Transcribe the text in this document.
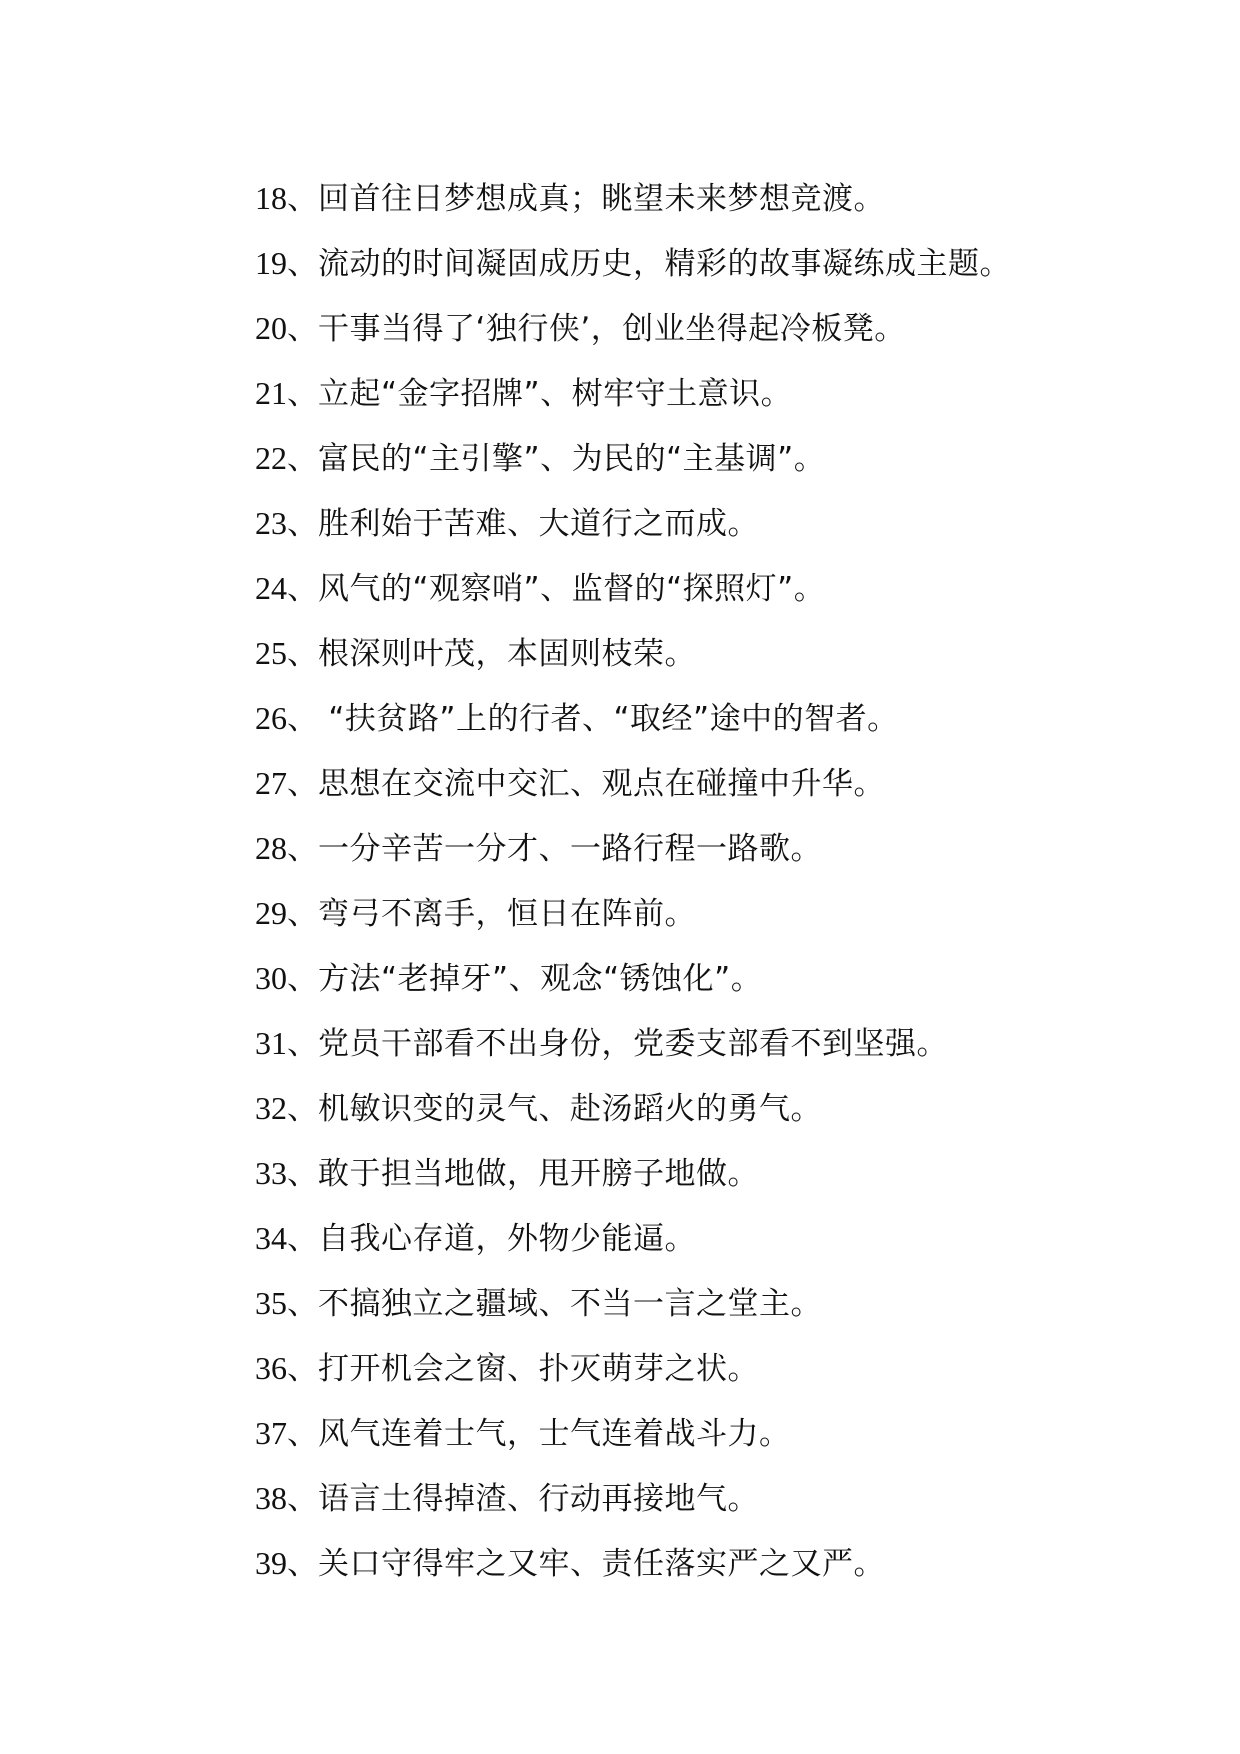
18 、 回首往日梦想成真；眺望未来梦想竞渡。
19 、 流动的时间凝固成历史，精彩的故事凝练成主题。
20 、 干事当得了‘独行侠’，创业坐得起冷板凳。
21 、 立起“金字招牌”、树牢守土意识。
22 、 富民的“主引擎”、为民的“主基调”。
23 、 胜利始于苦难、大道行之而成。
24 、 风气的“观察哨”、监督的“探照灯”。
25 、 根深则叶茂，本固则枝荣。
26 、 “扶贫路”上的行者、“取经”途中的智者。
27 、 思想在交流中交汇、观点在碰撞中升华。
28 、 一分辛苦一分才、一路行程一路歌。
29 、 弯弓不离手，恒日在阵前。
30 、 方法“老掉牙”、观念“锈蚀化”。
31 、 党员干部看不出身份，党委支部看不到坚强。
32 、 机敏识变的灵气、赴汤蹈火的勇气。
33 、 敢于担当地做，甩开膀子地做。
34 、 自我心存道，外物少能逼。
35 、 不搞独立之疆域、不当一言之堂主。
36 、 打开机会之窗、扑灭萌芽之状。
37 、 风气连着士气，士气连着战斗力。
38 、 语言土得掉渣、行动再接地气。
39 、 关口守得牢之又牢、责任落实严之又严。
